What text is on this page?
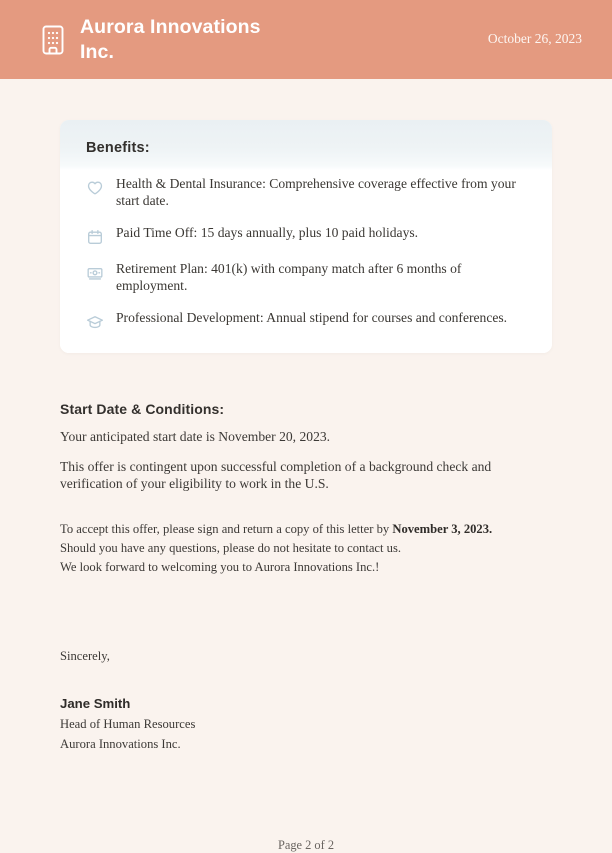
Aurora Innovations Inc.
October 26, 2023
Benefits:
Health & Dental Insurance: Comprehensive coverage effective from your start date.
Paid Time Off: 15 days annually, plus 10 paid holidays.
Retirement Plan: 401(k) with company match after 6 months of employment.
Professional Development: Annual stipend for courses and conferences.
Start Date & Conditions:
Your anticipated start date is November 20, 2023.
This offer is contingent upon successful completion of a background check and verification of your eligibility to work in the U.S.
To accept this offer, please sign and return a copy of this letter by November 3, 2023.
Should you have any questions, please do not hesitate to contact us.
We look forward to welcoming you to Aurora Innovations Inc.!
Sincerely,
Jane Smith
Head of Human Resources
Aurora Innovations Inc.
Page 2 of 2
